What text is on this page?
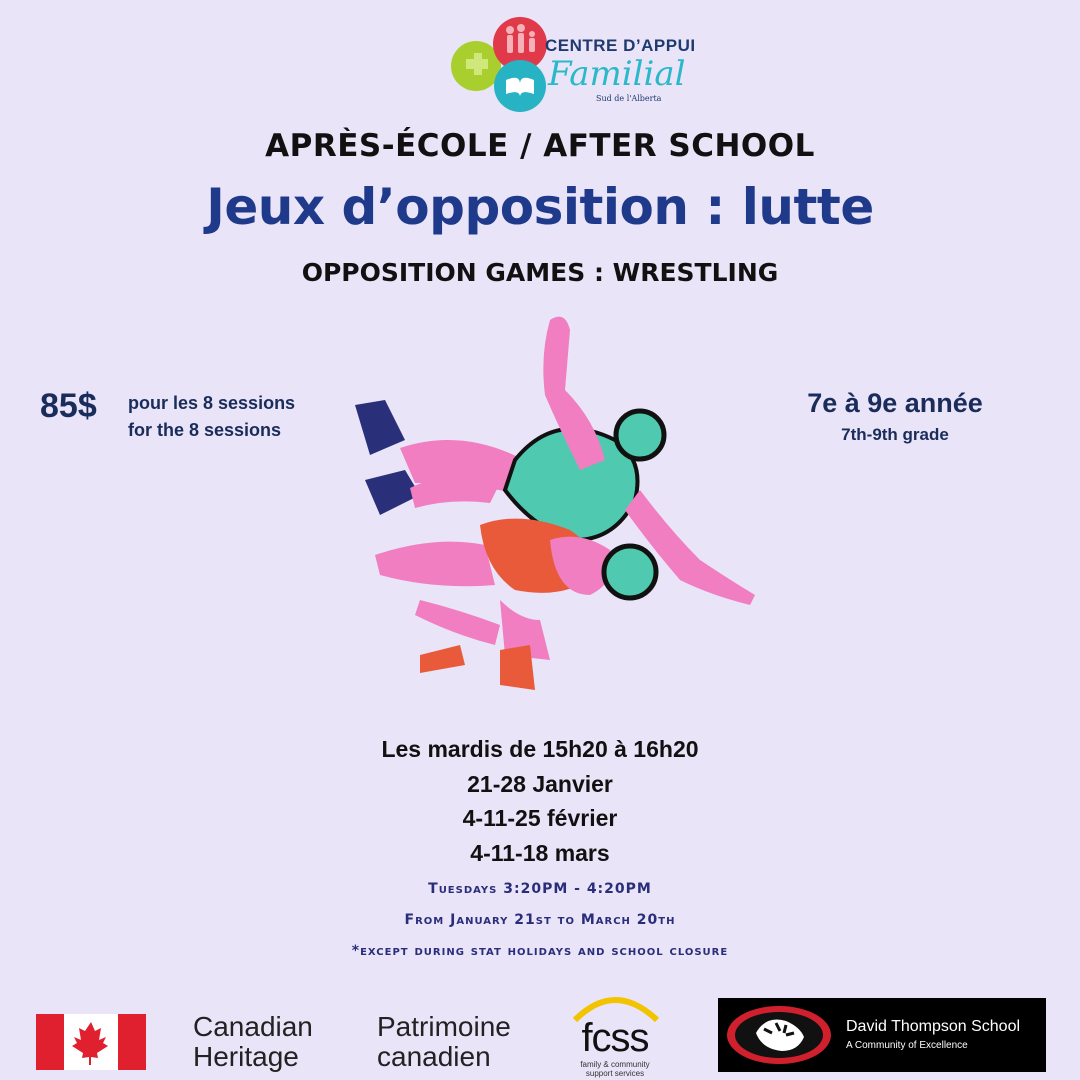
CENTRE D’APPUI
Familial
Sud de l'Alberta
APRÈS-ÉCOLE / AFTER SCHOOL
Jeux d’opposition : lutte
OPPOSITION GAMES : WRESTLING
85$ pour les 8 sessions
for the 8 sessions
7e à 9e année
7th-9th grade
Les mardis de 15h20 à 16h20
21-28 Janvier
4-11-25 février
4-11-18 mars
Tuesdays 3:20PM - 4:20PM
From January 21st to March 20th
*except during stat holidays and school closure
Canadian
Heritage
Patrimoine
canadien	fcss
family & community
support services
David Thompson School
A Community of Excellence
